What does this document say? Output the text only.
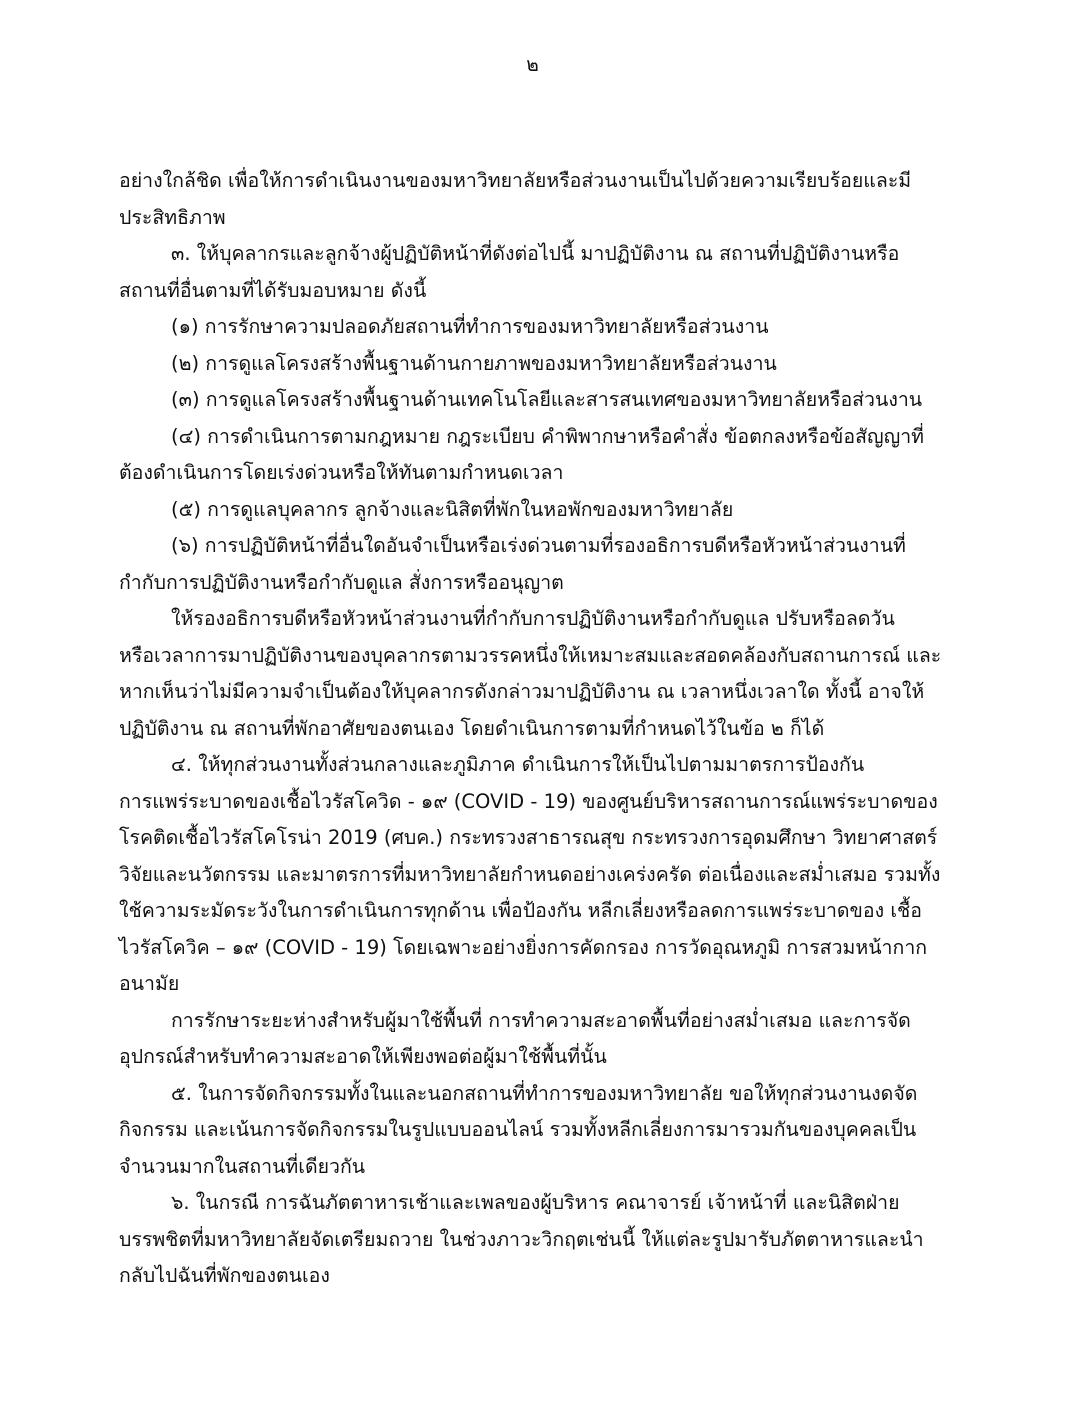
๒
อย่างใกล้ชิด เพื่อให้การดำเนินงานของมหาวิทยาลัยหรือส่วนงานเป็นไปด้วยความเรียบร้อยและมี
ประสิทธิภาพ
๓. ให้บุคลากรและลูกจ้างผู้ปฏิบัติหน้าที่ดังต่อไปนี้ มาปฏิบัติงาน ณ สถานที่ปฏิบัติงานหรือ
สถานที่อื่นตามที่ได้รับมอบหมาย ดังนี้
(๑) การรักษาความปลอดภัยสถานที่ทำการของมหาวิทยาลัยหรือส่วนงาน
(๒) การดูแลโครงสร้างพื้นฐานด้านกายภาพของมหาวิทยาลัยหรือส่วนงาน
(๓) การดูแลโครงสร้างพื้นฐานด้านเทคโนโลยีและสารสนเทศของมหาวิทยาลัยหรือส่วนงาน
(๔) การดำเนินการตามกฎหมาย กฎระเบียบ คำพิพากษาหรือคำสั่ง ข้อตกลงหรือข้อสัญญาที่
ต้องดำเนินการโดยเร่งด่วนหรือให้ทันตามกำหนดเวลา
(๕) การดูแลบุคลากร ลูกจ้างและนิสิตที่พักในหอพักของมหาวิทยาลัย
(๖) การปฏิบัติหน้าที่อื่นใดอันจำเป็นหรือเร่งด่วนตามที่รองอธิการบดีหรือหัวหน้าส่วนงานที่
กำกับการปฏิบัติงานหรือกำกับดูแล สั่งการหรืออนุญาต
ให้รองอธิการบดีหรือหัวหน้าส่วนงานที่กำกับการปฏิบัติงานหรือกำกับดูแล ปรับหรือลดวัน
หรือเวลาการมาปฏิบัติงานของบุคลากรตามวรรคหนึ่งให้เหมาะสมและสอดคล้องกับสถานการณ์ และ
หากเห็นว่าไม่มีความจำเป็นต้องให้บุคลากรดังกล่าวมาปฏิบัติงาน ณ เวลาหนึ่งเวลาใด ทั้งนี้ อาจให้
ปฏิบัติงาน ณ สถานที่พักอาศัยของตนเอง โดยดำเนินการตามที่กำหนดไว้ในข้อ ๒ ก็ได้
๔. ให้ทุกส่วนงานทั้งส่วนกลางและภูมิภาค ดำเนินการให้เป็นไปตามมาตรการป้องกัน
การแพร่ระบาดของเชื้อไวรัสโควิด - ๑๙ (COVID - 19) ของศูนย์บริหารสถานการณ์แพร่ระบาดของ
โรคติดเชื้อไวรัสโคโรน่า 2019 (ศบค.) กระทรวงสาธารณสุข กระทรวงการอุดมศึกษา วิทยาศาสตร์
วิจัยและนวัตกรรม และมาตรการที่มหาวิทยาลัยกำหนดอย่างเคร่งครัด ต่อเนื่องและสม่ำเสมอ รวมทั้ง
ใช้ความระมัดระวังในการดำเนินการทุกด้าน เพื่อป้องกัน หลีกเลี่ยงหรือลดการแพร่ระบาดของ เชื้อ
ไวรัสโควิค – ๑๙ (COVID - 19) โดยเฉพาะอย่างยิ่งการคัดกรอง การวัดอุณหภูมิ การสวมหน้ากาก
อนามัย
การรักษาระยะห่างสำหรับผู้มาใช้พื้นที่ การทำความสะอาดพื้นที่อย่างสม่ำเสมอ และการจัด
อุปกรณ์สำหรับทำความสะอาดให้เพียงพอต่อผู้มาใช้พื้นที่นั้น
๕. ในการจัดกิจกรรมทั้งในและนอกสถานที่ทำการของมหาวิทยาลัย ขอให้ทุกส่วนงานงดจัด
กิจกรรม และเน้นการจัดกิจกรรมในรูปแบบออนไลน์ รวมทั้งหลีกเลี่ยงการมารวมกันของบุคคลเป็น
จำนวนมากในสถานที่เดียวกัน
๖. ในกรณี การฉันภัตตาหารเช้าและเพลของผู้บริหาร คณาจารย์ เจ้าหน้าที่ และนิสิตฝ่าย
บรรพชิตที่มหาวิทยาลัยจัดเตรียมถวาย ในช่วงภาวะวิกฤตเช่นนี้ ให้แต่ละรูปมารับภัตตาหารและนำ
กลับไปฉันที่พักของตนเอง
